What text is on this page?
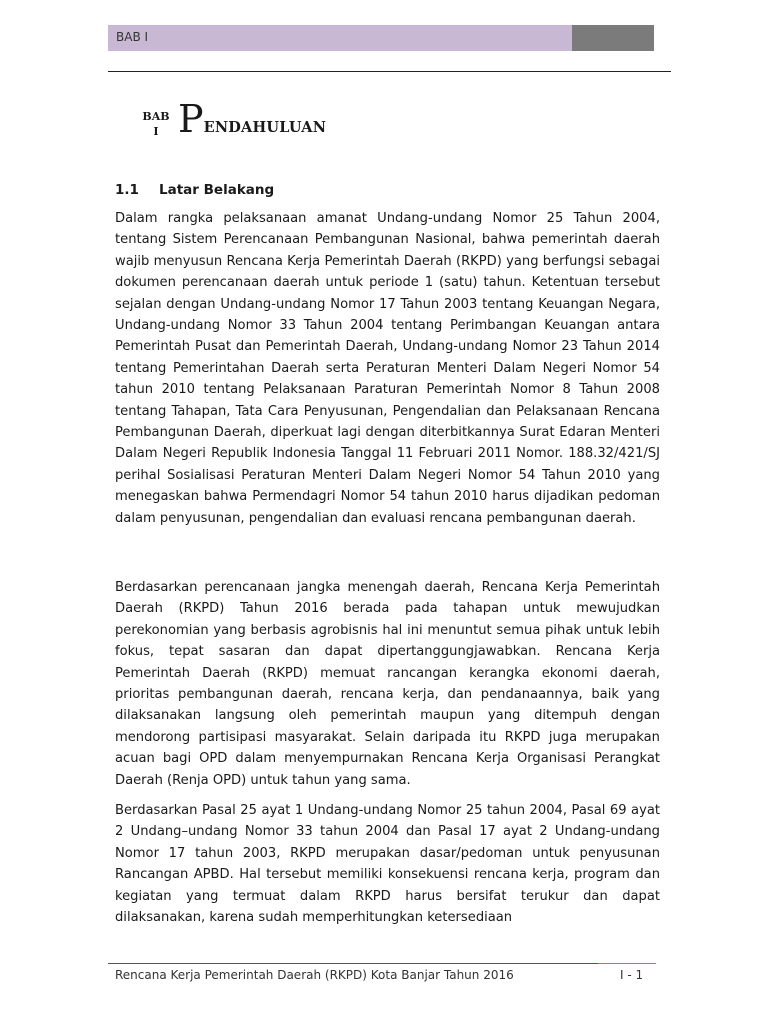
BAB I
BAB
I PENDAHULUAN
1.1 Latar Belakang
Dalam rangka pelaksanaan amanat Undang-undang Nomor 25 Tahun 2004, tentang Sistem Perencanaan Pembangunan Nasional, bahwa pemerintah daerah wajib menyusun Rencana Kerja Pemerintah Daerah (RKPD) yang berfungsi sebagai dokumen perencanaan daerah untuk periode 1 (satu) tahun. Ketentuan tersebut sejalan dengan Undang-undang Nomor 17 Tahun 2003 tentang Keuangan Negara, Undang-undang Nomor 33 Tahun 2004 tentang Perimbangan Keuangan antara Pemerintah Pusat dan Pemerintah Daerah, Undang-undang Nomor 23 Tahun 2014 tentang Pemerintahan Daerah serta Peraturan Menteri Dalam Negeri Nomor 54 tahun 2010 tentang Pelaksanaan Paraturan Pemerintah Nomor 8 Tahun 2008 tentang Tahapan, Tata Cara Penyusunan, Pengendalian dan Pelaksanaan Rencana Pembangunan Daerah, diperkuat lagi dengan diterbitkannya Surat Edaran Menteri Dalam Negeri Republik Indonesia Tanggal 11 Februari 2011 Nomor. 188.32/421/SJ perihal Sosialisasi Peraturan Menteri Dalam Negeri Nomor 54 Tahun 2010 yang menegaskan bahwa Permendagri Nomor 54 tahun 2010 harus dijadikan pedoman dalam penyusunan, pengendalian dan evaluasi rencana pembangunan daerah.
Berdasarkan perencanaan jangka menengah daerah, Rencana Kerja Pemerintah Daerah (RKPD) Tahun 2016 berada pada tahapan untuk mewujudkan perekonomian yang berbasis agrobisnis hal ini menuntut semua pihak untuk lebih fokus, tepat sasaran dan dapat dipertanggungjawabkan. Rencana Kerja Pemerintah Daerah (RKPD) memuat rancangan kerangka ekonomi daerah, prioritas pembangunan daerah, rencana kerja, dan pendanaannya, baik yang dilaksanakan langsung oleh pemerintah maupun yang ditempuh dengan mendorong partisipasi masyarakat. Selain daripada itu RKPD juga merupakan acuan bagi OPD dalam menyempurnakan Rencana Kerja Organisasi Perangkat Daerah (Renja OPD) untuk tahun yang sama.
Berdasarkan Pasal 25 ayat 1 Undang-undang Nomor 25 tahun 2004, Pasal 69 ayat 2 Undang–undang Nomor 33 tahun 2004 dan Pasal 17 ayat 2 Undang-undang Nomor 17 tahun 2003, RKPD merupakan dasar/pedoman untuk penyusunan Rancangan APBD. Hal tersebut memiliki konsekuensi rencana kerja, program dan kegiatan yang termuat dalam RKPD harus bersifat terukur dan dapat dilaksanakan, karena sudah memperhitungkan ketersediaan
Rencana Kerja Pemerintah Daerah (RKPD) Kota Banjar Tahun 2016	I - 1
